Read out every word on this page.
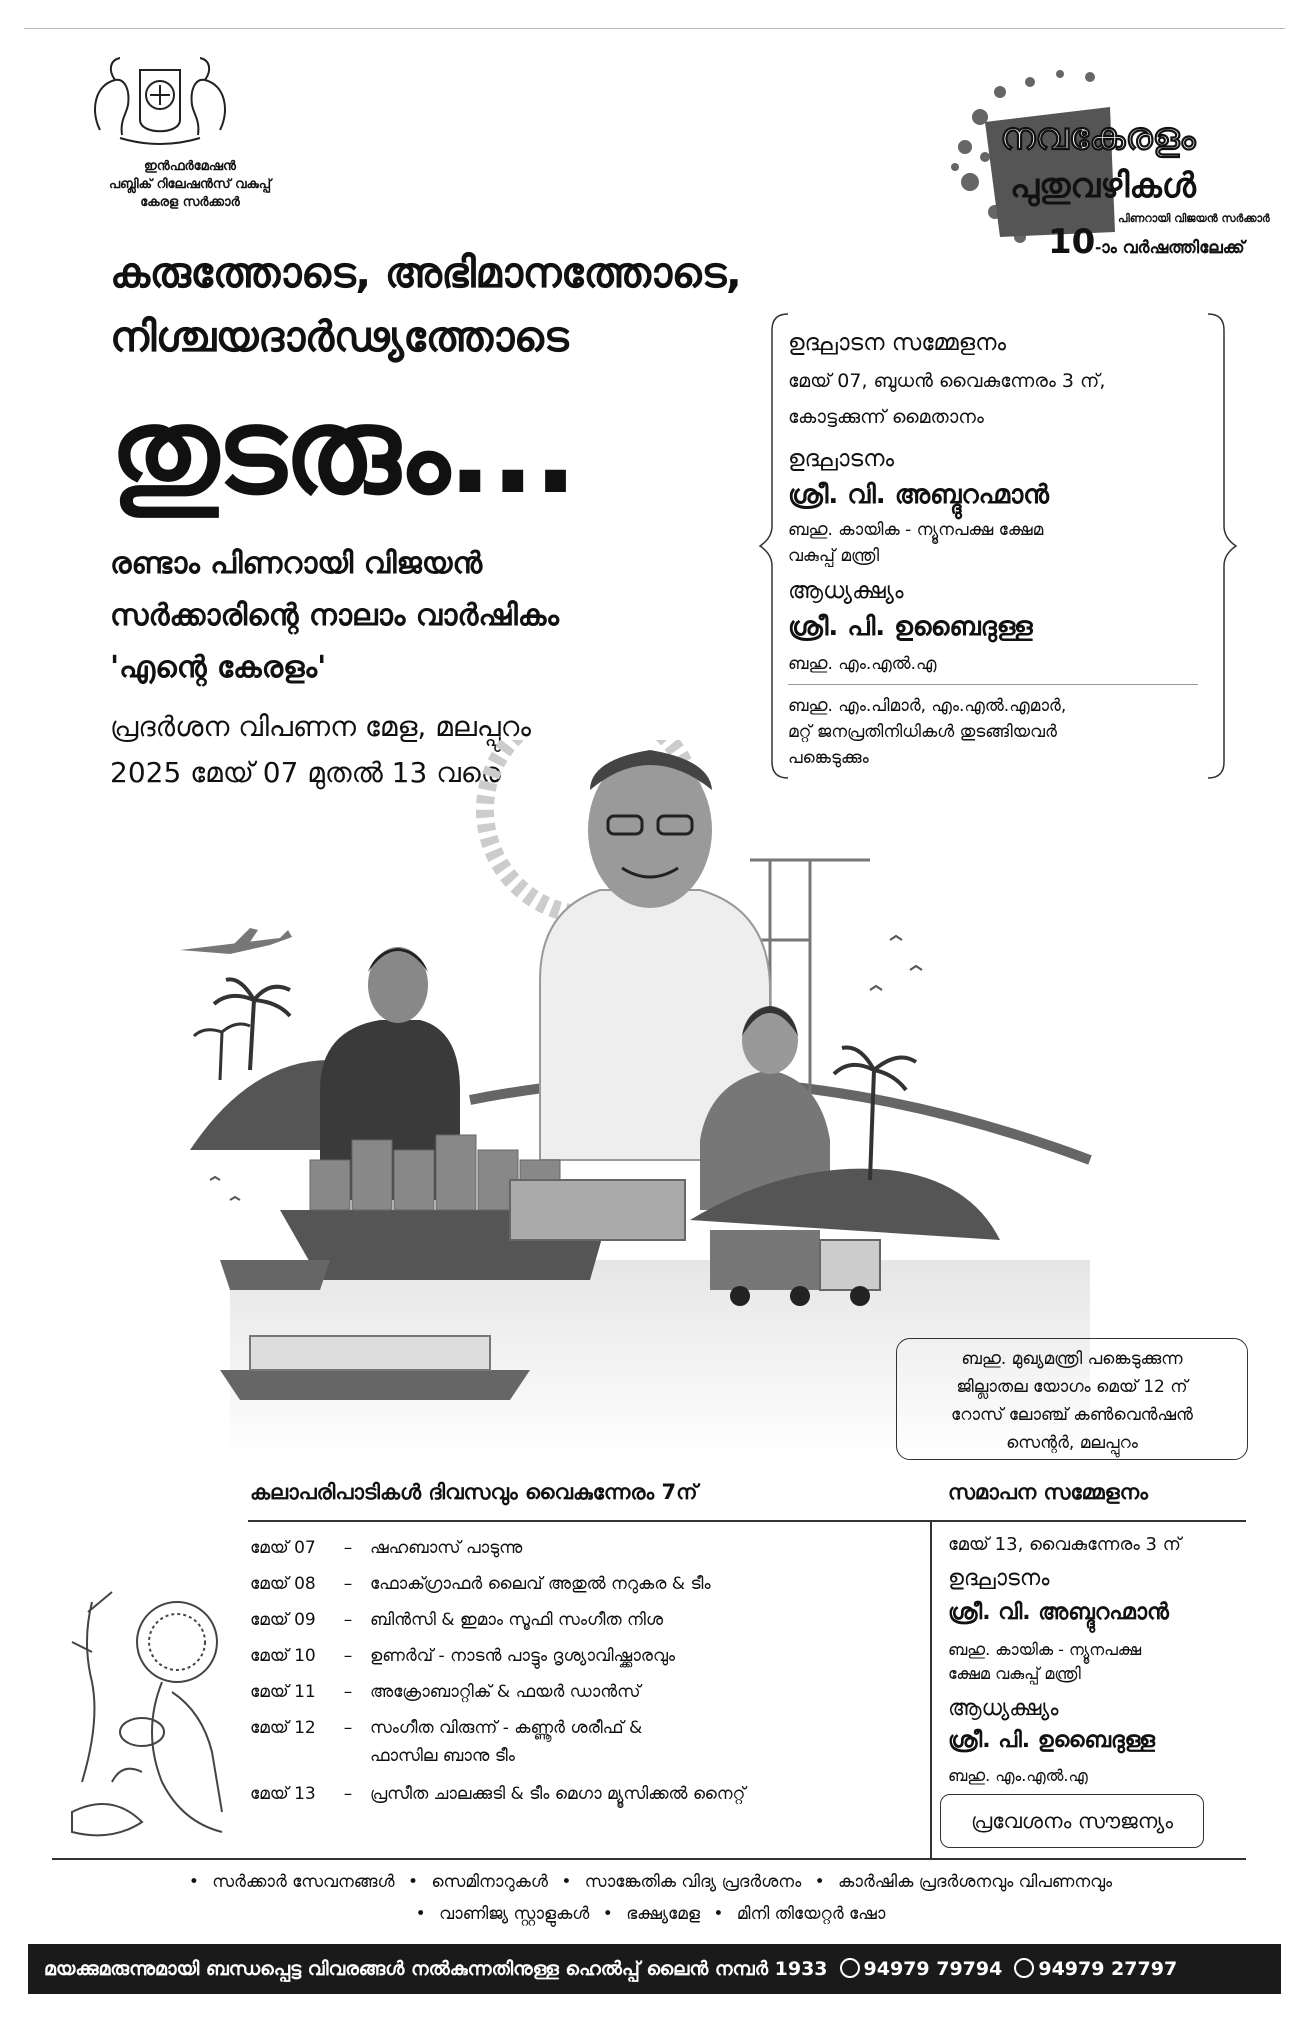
ഇൻഫർമേഷൻ
പബ്ലിക് റിലേഷൻസ് വകുപ്പ്
കേരള സർക്കാർ
നവകേരളം
പുതുവഴികൾ
പിണറായി വിജയൻ സർക്കാർ
10-ാം വർഷത്തിലേക്ക്
കരുത്തോടെ, അഭിമാനത്തോടെ,
നിശ്ചയദാർഢ്യത്തോടെ
തുടരും...
രണ്ടാം പിണറായി വിജയൻ
സർക്കാരിന്റെ നാലാം വാർഷികം
'എന്റെ കേരളം'
പ്രദർശന വിപണന മേള, മലപ്പുറം
2025 മേയ് 07 മുതൽ 13 വരെ
ഉദ്ഘാടന സമ്മേളനം
മേയ് 07, ബുധൻ വൈകുന്നേരം 3 ന്,
കോട്ടക്കുന്ന് മൈതാനം
ഉദ്ഘാടനം
ശ്രീ. വി. അബ്ദുറഹ്മാൻ
ബഹു. കായിക - ന്യൂനപക്ഷ ക്ഷേമ
വകുപ്പ് മന്ത്രി
ആധ്യക്ഷ്യം
ശ്രീ. പി. ഉബൈദുള്ള
ബഹു. എം.എൽ.എ
ബഹു. എം.പിമാർ, എം.എൽ.എമാർ,
മറ്റ് ജനപ്രതിനിധികൾ തുടങ്ങിയവർ
പങ്കെടുക്കും
ബഹു. മുഖ്യമന്ത്രി പങ്കെടുക്കുന്ന
ജില്ലാതല യോഗം മെയ് 12 ന്
റോസ് ലോഞ്ച് കൺവെൻഷൻ
സെന്റർ, മലപ്പുറം
കലാപരിപാടികൾ ദിവസവും വൈകുന്നേരം 7ന്	സമാപന സമ്മേളനം
മേയ് 07 – ഷഹബാസ് പാടുന്നു
മേയ് 08 – ഫോക്ഗ്രാഫർ ലൈവ് അതുൽ നറുകര & ടീം
മേയ് 09 – ബിൻസി & ഇമാം സൂഫി സംഗീത നിശ
മേയ് 10 – ഉണർവ് - നാടൻ പാട്ടും ദൃശ്യാവിഷ്ക്കാരവും
മേയ് 11 – അക്രോബാറ്റിക് & ഫയർ ഡാൻസ്
മേയ് 12 – സംഗീത വിരുന്ന് - കണ്ണൂർ ശരീഫ് &
ഫാസില ബാനു ടീം
മേയ് 13 – പ്രസീത ചാലക്കുടി & ടീം മെഗാ മ്യൂസിക്കൽ നൈറ്റ്
മേയ് 13, വൈകുന്നേരം 3 ന്
ഉദ്ഘാടനം
ശ്രീ. വി. അബ്ദുറഹ്മാൻ
ബഹു. കായിക - ന്യൂനപക്ഷ
ക്ഷേമ വകുപ്പ് മന്ത്രി
ആധ്യക്ഷ്യം
ശ്രീ. പി. ഉബൈദുള്ള
ബഹു. എം.എൽ.എ
പ്രവേശനം സൗജന്യം
• സർക്കാർ സേവനങ്ങൾ • സെമിനാറുകൾ • സാങ്കേതിക വിദ്യ പ്രദർശനം • കാർഷിക പ്രദർശനവും വിപണനവും
• വാണിജ്യ സ്റ്റാളുകൾ • ഭക്ഷ്യമേള • മിനി തിയേറ്റർ ഷോ
മയക്കുമരുന്നുമായി ബന്ധപ്പെട്ട വിവരങ്ങൾ നൽകുന്നതിനുള്ള ഹെൽപ്പ് ലൈൻ നമ്പർ 1933 94979 79794 94979 27797
